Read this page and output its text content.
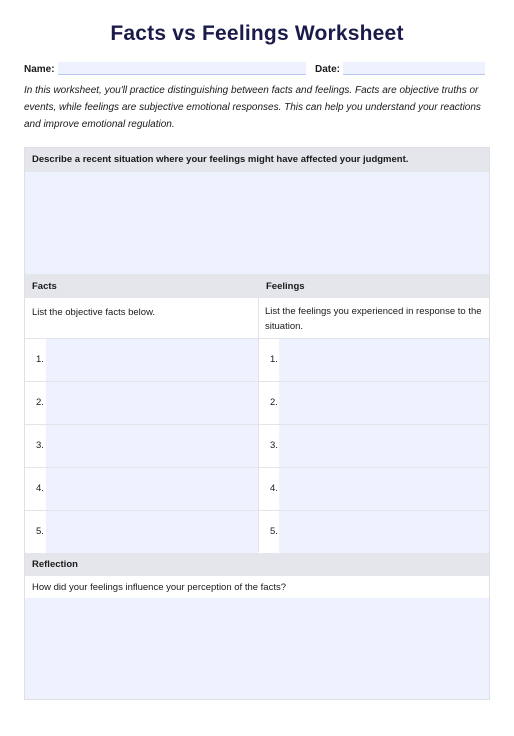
Facts vs Feelings Worksheet
Name:	Date:
In this worksheet, you'll practice distinguishing between facts and feelings. Facts are objective truths or events, while feelings are subjective emotional responses. This can help you understand your reactions and improve emotional regulation.
Describe a recent situation where your feelings might have affected your judgment.
Facts	Feelings
List the objective facts below.	List the feelings you experienced in response to the situation.
1.	1.
2.	2.
3.	3.
4.	4.
5.	5.
Reflection
How did your feelings influence your perception of the facts?
